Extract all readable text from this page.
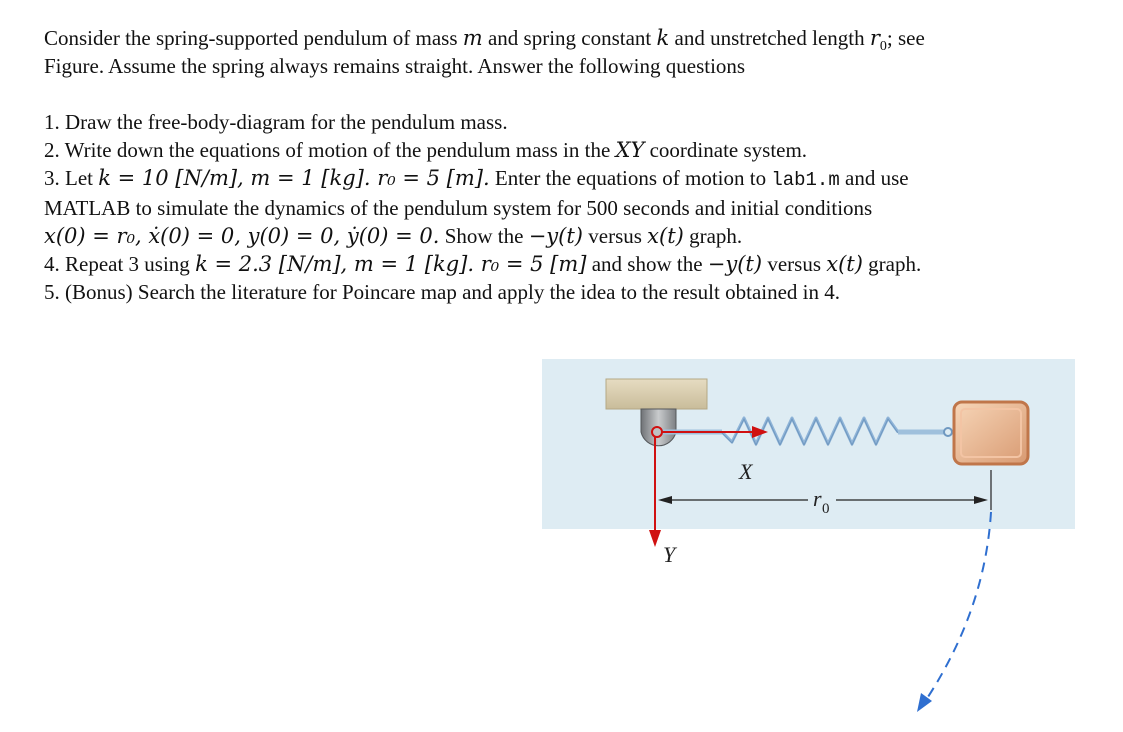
Consider the spring-supported pendulum of mass m and spring constant k and unstretched length $r_0$; see

Figure. Assume the spring always remains straight. Answer the following questions

1. Draw the free-body-diagram for the pendulum mass.

2. Write down the equations of motion of the pendulum mass in the XY coordinate system.

3. Let k = 10 [N/m], m = 1 [kg]. r₀ = 5 [m]. Enter the equations of motion to lab1.m and use

MATLAB to simulate the dynamics of the pendulum system for 500 seconds and initial conditions

x(0) = r₀, ẋ(0) = 0, y(0) = 0, ẏ(0) = 0. Show the −y(t) versus x(t) graph.

4. Repeat 3 using k = 2.3 [N/m], m = 1 [kg]. r₀ = 5 [m] and show the −y(t) versus x(t) graph.

5. (Bonus) Search the literature for Poincare map and apply the idea to the result obtained in 4.

X
Y
r 0
